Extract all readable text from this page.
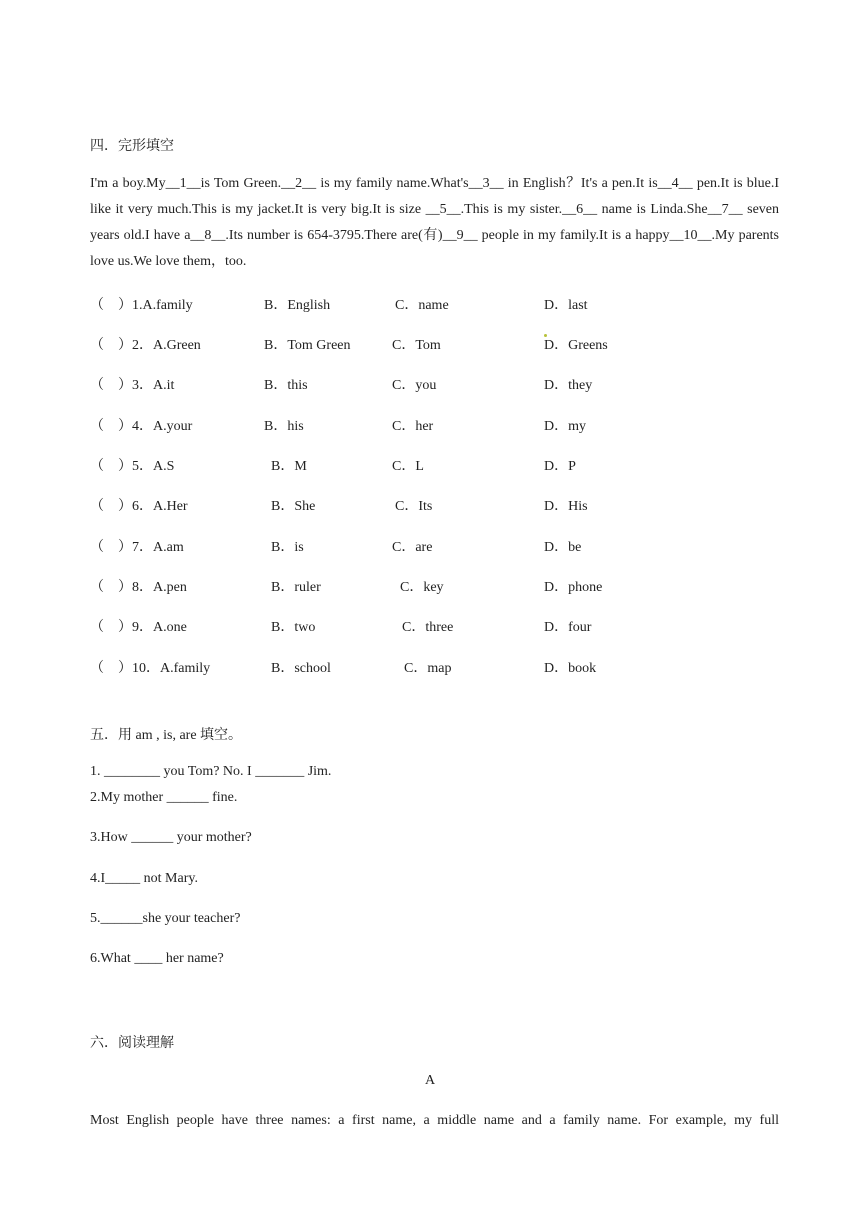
四．完形填空

I'm a boy.My__1__is Tom Green.__2__ is my family name.What's__3__ in English？It's a pen.It is__4__ pen.It is blue.I like it very much.This is my jacket.It is very big.It is size __5__.This is my sister.__6__ name is Linda.She__7__ seven years old.I have a__8__.Its number is 654-3795.There are(有)__9__ people in my family.It is a happy__10__.My parents love us.We love them，too.

（　）1.A.family	B．English	C．name	D．last
（　）2．A.Green	B．Tom Green	C．Tom	D．Greens
（　）3．A.it	B．this	C．you	D．they
（　）4．A.your	B．his	C．her	D．my
（　）5．A.S	B．M	C．L	D．P
（　）6．A.Her	B．She	C．Its	D．His
（　）7．A.am	B．is	C．are	D．be
（　）8．A.pen	B．ruler	C．key	D．phone
（　）9．A.one	B．two	C．three	D．four
（　）10．A.family	B．school	C．map	D．book
五．用 am , is, are 填空。
1. ________ you Tom? No. I _______ Jim.
2.My mother ______ fine.
3.How ______ your mother?
4.I_____ not Mary.
5.______she your teacher?
6.What ____ her name?
六．阅读理解
A
Most English people have three names: a first name, a middle name and a family name. For example, my full
